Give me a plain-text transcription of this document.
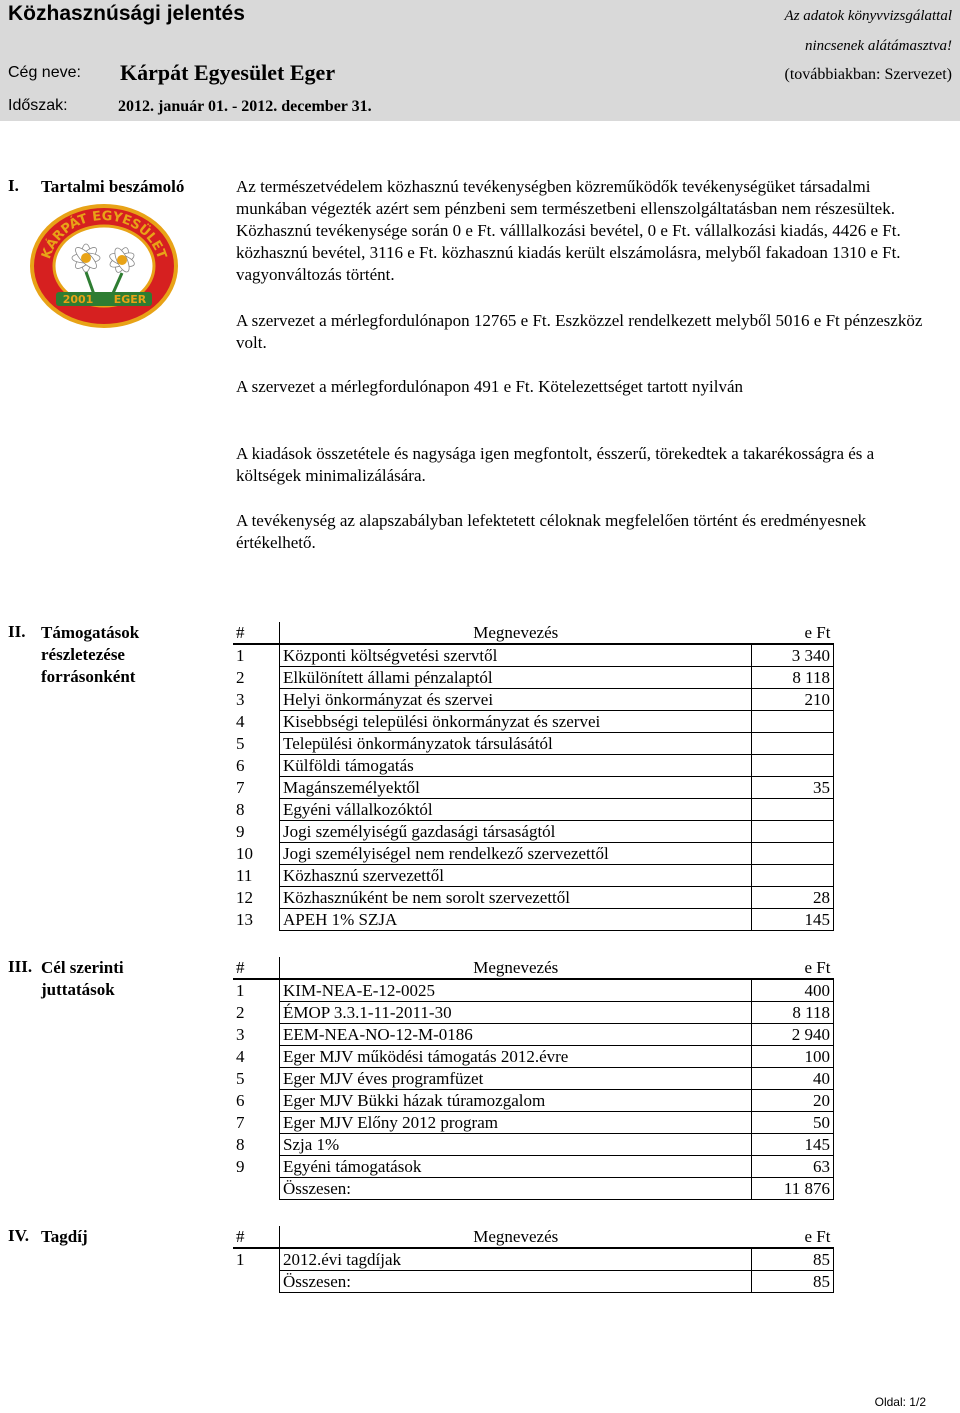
Közhasznúsági jelentés	Az adatok könyvvizsgálattal
nincsenek alátámasztva!
Cég neve: Kárpát Egyesület Eger	(továbbiakban: Szervezet)
Időszak:	2012. január 01. - 2012. december 31.
I. Tartalmi beszámoló
KÁRPÁT EGYESÜLET
2001 EGER

Az természetvédelem közhasznú tevékenységben közreműködők tevékenységüket társadalmi munkában végezték azért sem pénzbeni sem természetbeni ellenszolgáltatásban nem részesültek. Közhasznú tevékenysége során 0 e Ft. válllalkozási bevétel, 0 e Ft. vállalkozási kiadás, 4426 e Ft. közhasznú bevétel, 3116 e Ft. közhasznú kiadás került elszámolásra, melyből fakadoan 1310 e Ft. vagyonváltozás történt.

A szervezet a mérlegfordulónapon 12765 e Ft. Eszközzel rendelkezett melyből 5016 e Ft pénzeszköz volt.

A szervezet a mérlegfordulónapon 491 e Ft. Kötelezettséget tartott nyilván

A kiadások összetétele és nagysága igen megfontolt, ésszerű, törekedtek a takarékosságra és a költségek minimalizálására.

A tevékenység az alapszabályban lefektetett céloknak megfelelően történt és eredményesnek értékelhető.

II. Támogatások
részletezése
forrásonként
#	Megnevezés	e Ft
1	Központi költségvetési szervtől	3 340
2	Elkülönített állami pénzalaptól	8 118
3	Helyi önkormányzat és szervei	210
4	Kisebbségi települési önkormányzat és szervei	
5	Települési önkormányzatok társulásától	
6	Külföldi támogatás	
7	Magánszemélyektől	35
8	Egyéni vállalkozóktól	
9	Jogi személyiségű gazdasági társaságtól	
10	Jogi személyiségel nem rendelkező szervezettől	
11	Közhasznú szervezettől	
12	Közhasznúként be nem sorolt szervezettől	28
13	APEH 1% SZJA	145
III. Cél szerinti
juttatások
#	Megnevezés	e Ft
1	KIM-NEA-E-12-0025	400
2	ÉMOP 3.3.1-11-2011-30	8 118
3	EEM-NEA-NO-12-M-0186	2 940
4	Eger MJV működési támogatás 2012.évre	100
5	Eger MJV éves programfüzet	40
6	Eger MJV Bükki házak túramozgalom	20
7	Eger MJV Előny 2012 program	50
8	Szja 1%	145
9	Egyéni támogatások	63
	Összesen:	11 876
IV. Tagdíj	#	Megnevezés	e Ft
1	2012.évi tagdíjak	85
	Összesen:	85
Oldal: 1/2
